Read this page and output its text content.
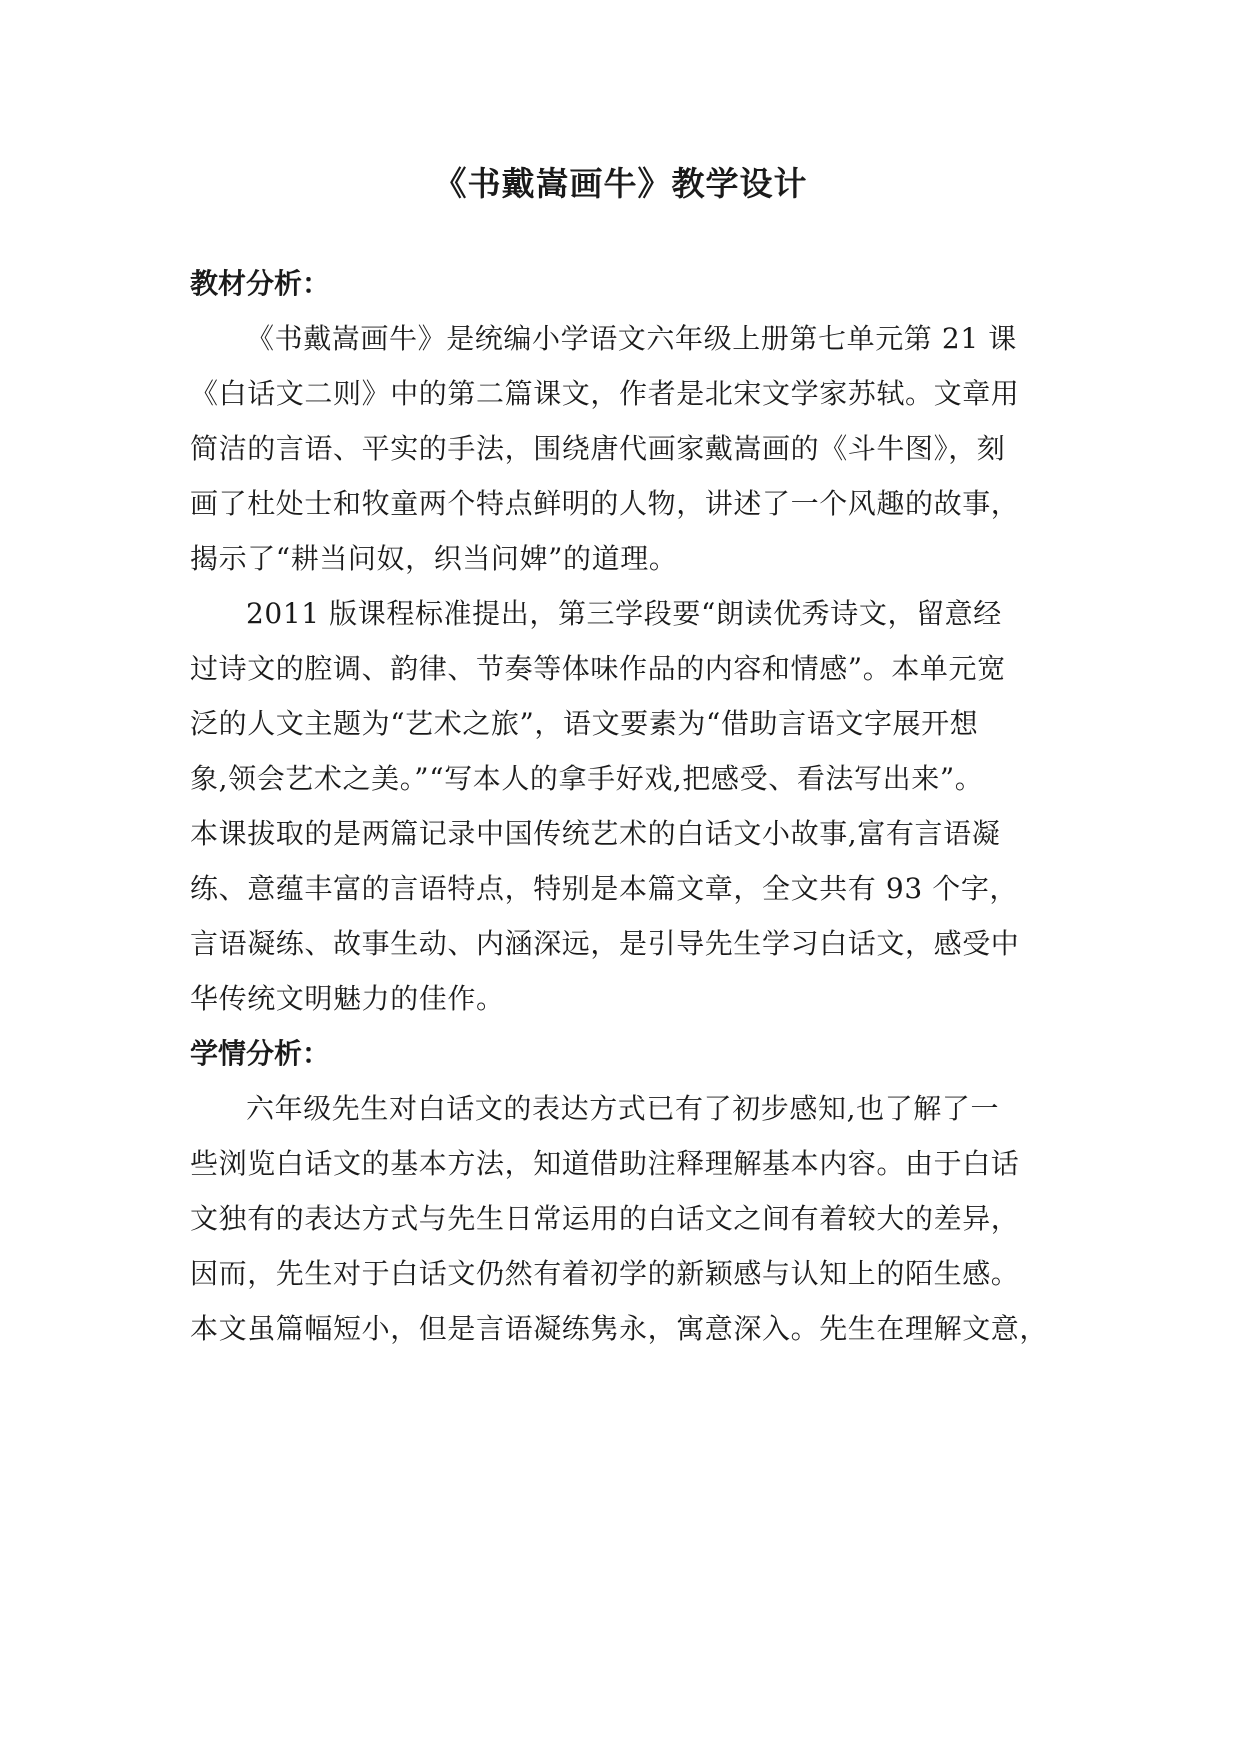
《书戴嵩画牛》教学设计
教材分析：
《书戴嵩画牛》是统编小学语文六年级上册第七单元第 21 课
《白话文二则》中的第二篇课文，作者是北宋文学家苏轼。文章用
简洁的言语、平实的手法，围绕唐代画家戴嵩画的《斗牛图》，刻
画了杜处士和牧童两个特点鲜明的人物，讲述了一个风趣的故事，
揭示了“耕当问奴，织当问婢”的道理。
2011 版课程标准提出，第三学段要“朗读优秀诗文，留意经
过诗文的腔调、韵律、节奏等体味作品的内容和情感”。本单元宽
泛的人文主题为“艺术之旅”，语文要素为“借助言语文字展开想
象,领会艺术之美。”“写本人的拿手好戏,把感受、看法写出来”。
本课拔取的是两篇记录中国传统艺术的白话文小故事,富有言语凝
练、意蕴丰富的言语特点，特别是本篇文章，全文共有 93 个字，
言语凝练、故事生动、内涵深远，是引导先生学习白话文，感受中
华传统文明魅力的佳作。
学情分析：
六年级先生对白话文的表达方式已有了初步感知,也了解了一
些浏览白话文的基本方法，知道借助注释理解基本内容。由于白话
文独有的表达方式与先生日常运用的白话文之间有着较大的差异，
因而，先生对于白话文仍然有着初学的新颖感与认知上的陌生感。
本文虽篇幅短小，但是言语凝练隽永，寓意深入。先生在理解文意，
